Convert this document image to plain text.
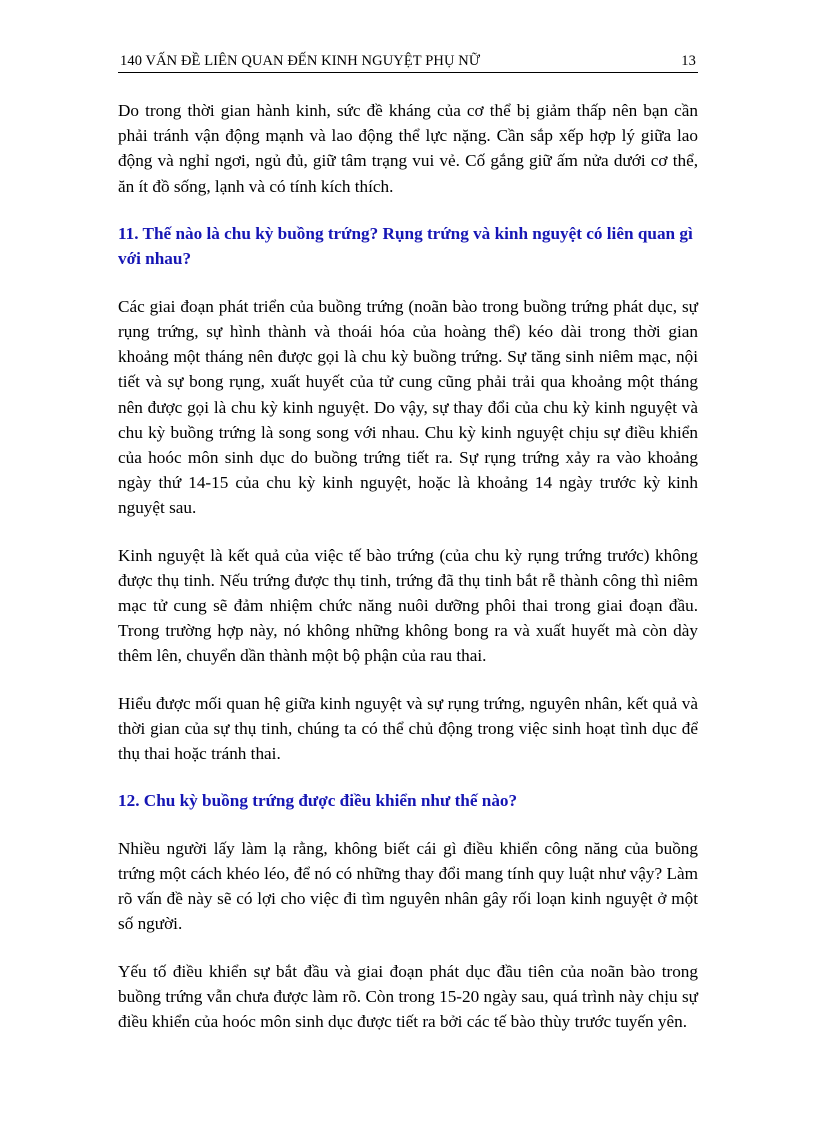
140 VẤN ĐỀ LIÊN QUAN ĐẾN KINH NGUYỆT PHỤ NỮ	13

Do trong thời gian hành kinh, sức đề kháng của cơ thể bị giảm thấp nên bạn cần phải tránh vận động mạnh và lao động thể lực nặng. Cần sắp xếp hợp lý giữa lao động và nghỉ ngơi, ngủ đủ, giữ tâm trạng vui vẻ. Cố gắng giữ ấm nửa dưới cơ thể, ăn ít đồ sống, lạnh và có tính kích thích.

11. Thế nào là chu kỳ buồng trứng? Rụng trứng và kinh nguyệt có liên quan gì với nhau?

Các giai đoạn phát triển của buồng trứng (noãn bào trong buồng trứng phát dục, sự rụng trứng, sự hình thành và thoái hóa của hoàng thể) kéo dài trong thời gian khoảng một tháng nên được gọi là chu kỳ buồng trứng. Sự tăng sinh niêm mạc, nội tiết và sự bong rụng, xuất huyết của tử cung cũng phải trải qua khoảng một tháng nên được gọi là chu kỳ kinh nguyệt. Do vậy, sự thay đổi của chu kỳ kinh nguyệt và chu kỳ buồng trứng là song song với nhau. Chu kỳ kinh nguyệt chịu sự điều khiển của hoóc môn sinh dục do buồng trứng tiết ra. Sự rụng trứng xảy ra vào khoảng ngày thứ 14-15 của chu kỳ kinh nguyệt, hoặc là khoảng 14 ngày trước kỳ kinh nguyệt sau.

Kinh nguyệt là kết quả của việc tế bào trứng (của chu kỳ rụng trứng trước) không được thụ tinh. Nếu trứng được thụ tinh, trứng đã thụ tinh bắt rễ thành công thì niêm mạc tử cung sẽ đảm nhiệm chức năng nuôi dưỡng phôi thai trong giai đoạn đầu. Trong trường hợp này, nó không những không bong ra và xuất huyết mà còn dày thêm lên, chuyển dần thành một bộ phận của rau thai.

Hiểu được mối quan hệ giữa kinh nguyệt và sự rụng trứng, nguyên nhân, kết quả và thời gian của sự thụ tinh, chúng ta có thể chủ động trong việc sinh hoạt tình dục để thụ thai hoặc tránh thai.

12. Chu kỳ buồng trứng được điều khiển như thế nào?

Nhiều người lấy làm lạ rằng, không biết cái gì điều khiển công năng của buồng trứng một cách khéo léo, để nó có những thay đổi mang tính quy luật như vậy? Làm rõ vấn đề này sẽ có lợi cho việc đi tìm nguyên nhân gây rối loạn kinh nguyệt ở một số người.

Yếu tố điều khiển sự bắt đầu và giai đoạn phát dục đầu tiên của noãn bào trong buồng trứng vẫn chưa được làm rõ. Còn trong 15-20 ngày sau, quá trình này chịu sự điều khiển của hoóc môn sinh dục được tiết ra bởi các tế bào thùy trước tuyến yên.
